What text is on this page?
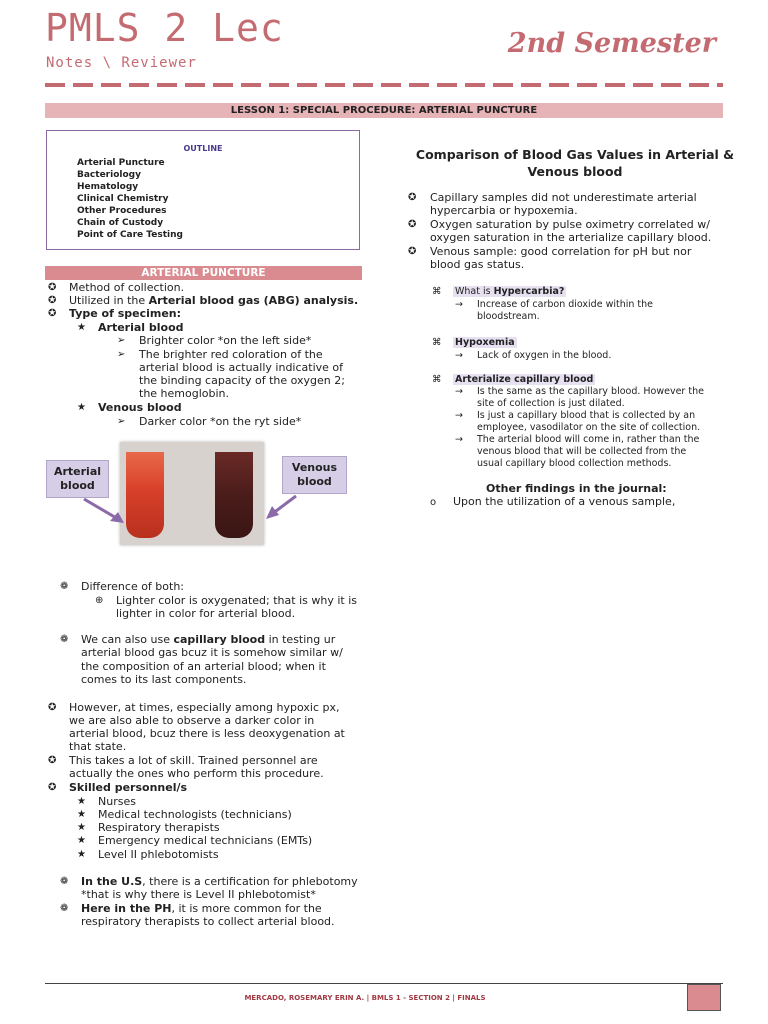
PMLS 2 Lec
Notes \ Reviewer
2nd Semester
LESSON 1: SPECIAL PROCEDURE: ARTERIAL PUNCTURE
OUTLINE
Arterial Puncture
Bacteriology
Hematology
Clinical Chemistry
Other Procedures
Chain of Custody
Point of Care Testing
ARTERIAL PUNCTURE
✪ Method of collection.
✪ Utilized in the Arterial blood gas (ABG) analysis.
✪ Type of specimen:
★ Arterial blood
➢ Brighter color *on the left side*
➢ The brighter red coloration of the
arterial blood is actually indicative of
the binding capacity of the oxygen 2;
the hemoglobin.
★ Venous blood
➢ Darker color *on the ryt side*
Arterial blood
Venous blood
❁ Difference of both:
⊕ Lighter color is oxygenated; that is why it is
lighter in color for arterial blood.
❁ We can also use capillary blood in testing ur
arterial blood gas bcuz it is somehow similar w/
the composition of an arterial blood; when it
comes to its last components.
✪ However, at times, especially among hypoxic px,
we are also able to observe a darker color in
arterial blood, bcuz there is less deoxygenation at
that state.
✪ This takes a lot of skill. Trained personnel are
actually the ones who perform this procedure.
✪ Skilled personnel/s
★ Nurses
★ Medical technologists (technicians)
★ Respiratory therapists
★ Emergency medical technicians (EMTs)
★ Level II phlebotomists
❁ In the U.S, there is a certification for phlebotomy
*that is why there is Level II phlebotomist*
❁ Here in the PH, it is more common for the
respiratory therapists to collect arterial blood.
Comparison of Blood Gas Values in Arterial &
Venous blood
✪ Capillary samples did not underestimate arterial
hypercarbia or hypoxemia.
✪ Oxygen saturation by pulse oximetry correlated w/
oxygen saturation in the arterialize capillary blood.
✪ Venous sample: good correlation for pH but nor
blood gas status.
⌘ What is Hypercarbia?
→ Increase of carbon dioxide within the
bloodstream.
⌘ Hypoxemia
→ Lack of oxygen in the blood.
⌘ Arterialize capillary blood
→ Is the same as the capillary blood. However the
site of collection is just dilated.
→ Is just a capillary blood that is collected by an
employee, vasodilator on the site of collection.
→ The arterial blood will come in, rather than the
venous blood that will be collected from the
usual capillary blood collection methods.
Other findings in the journal:
o Upon the utilization of a venous sample,
MERCADO, ROSEMARY ERIN A. | BMLS 1 - SECTION 2 | FINALS
